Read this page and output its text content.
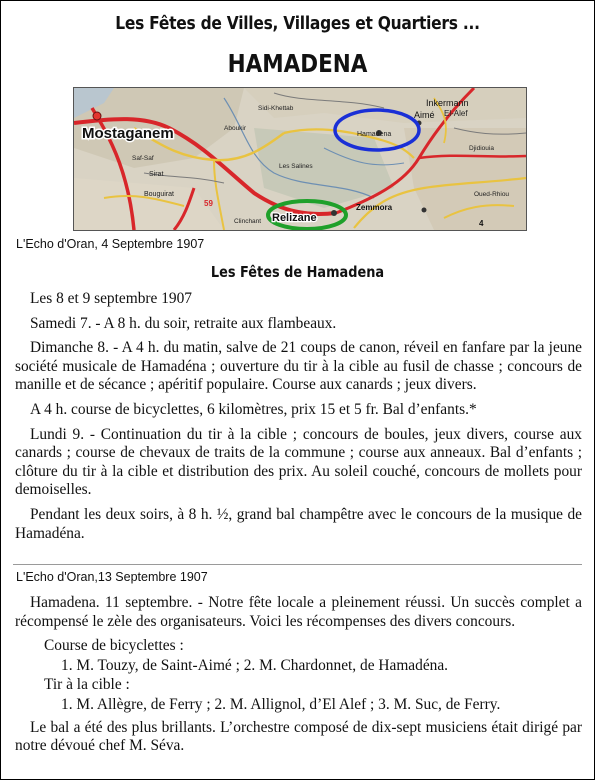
Les Fêtes de Villes, Villages et Quartiers ...
HAMADENA
Mostaganem
Relizane
Hamadena
Zemmora
Inkermann
Aimé El-Alef
Sidi-Khettab
Bouguirat
Sirat
Clinchant
Les Salines
Oued-Rhiou
Djidiouia
Saf-Saf
Aboukir
59
4
L'Echo d'Oran, 4 Septembre 1907
Les Fêtes de Hamadena

Les 8 et 9 septembre 1907

Samedi 7. - A 8 h. du soir, retraite aux flambeaux.

Dimanche 8. - A 4 h. du matin, salve de 21 coups de canon, réveil en fanfare par la jeune société musicale de Hamadéna ; ouverture du tir à la cible au fusil de chasse ; concours de manille et de sécance ; apéritif populaire. Course aux canards ; jeux divers.

A 4 h. course de bicyclettes, 6 kilomètres, prix 15 et 5 fr. Bal d’enfants.*

Lundi 9. - Continuation du tir à la cible ; concours de boules, jeux divers, course aux canards ; course de chevaux de traits de la commune ; course aux anneaux. Bal d’enfants ; clôture du tir à la cible et distribution des prix. Au soleil couché, concours de mollets pour demoiselles.

Pendant les deux soirs, à 8 h. ½, grand bal champêtre avec le concours de la musique de Hamadéna.

L'Echo d'Oran,13 Septembre 1907

Hamadena. 11 septembre. - Notre fête locale a pleinement réussi. Un succès complet a récompensé le zèle des organisateurs. Voici les récompenses des divers concours.

Course de bicyclettes :

1. M. Touzy, de Saint-Aimé ; 2. M. Chardonnet, de Hamadéna.

Tir à la cible :

1. M. Allègre, de Ferry ; 2. M. Allignol, d’El Alef ; 3. M. Suc, de Ferry.

Le bal a été des plus brillants. L’orchestre composé de dix-sept musiciens était dirigé par notre dévoué chef M. Séva.
